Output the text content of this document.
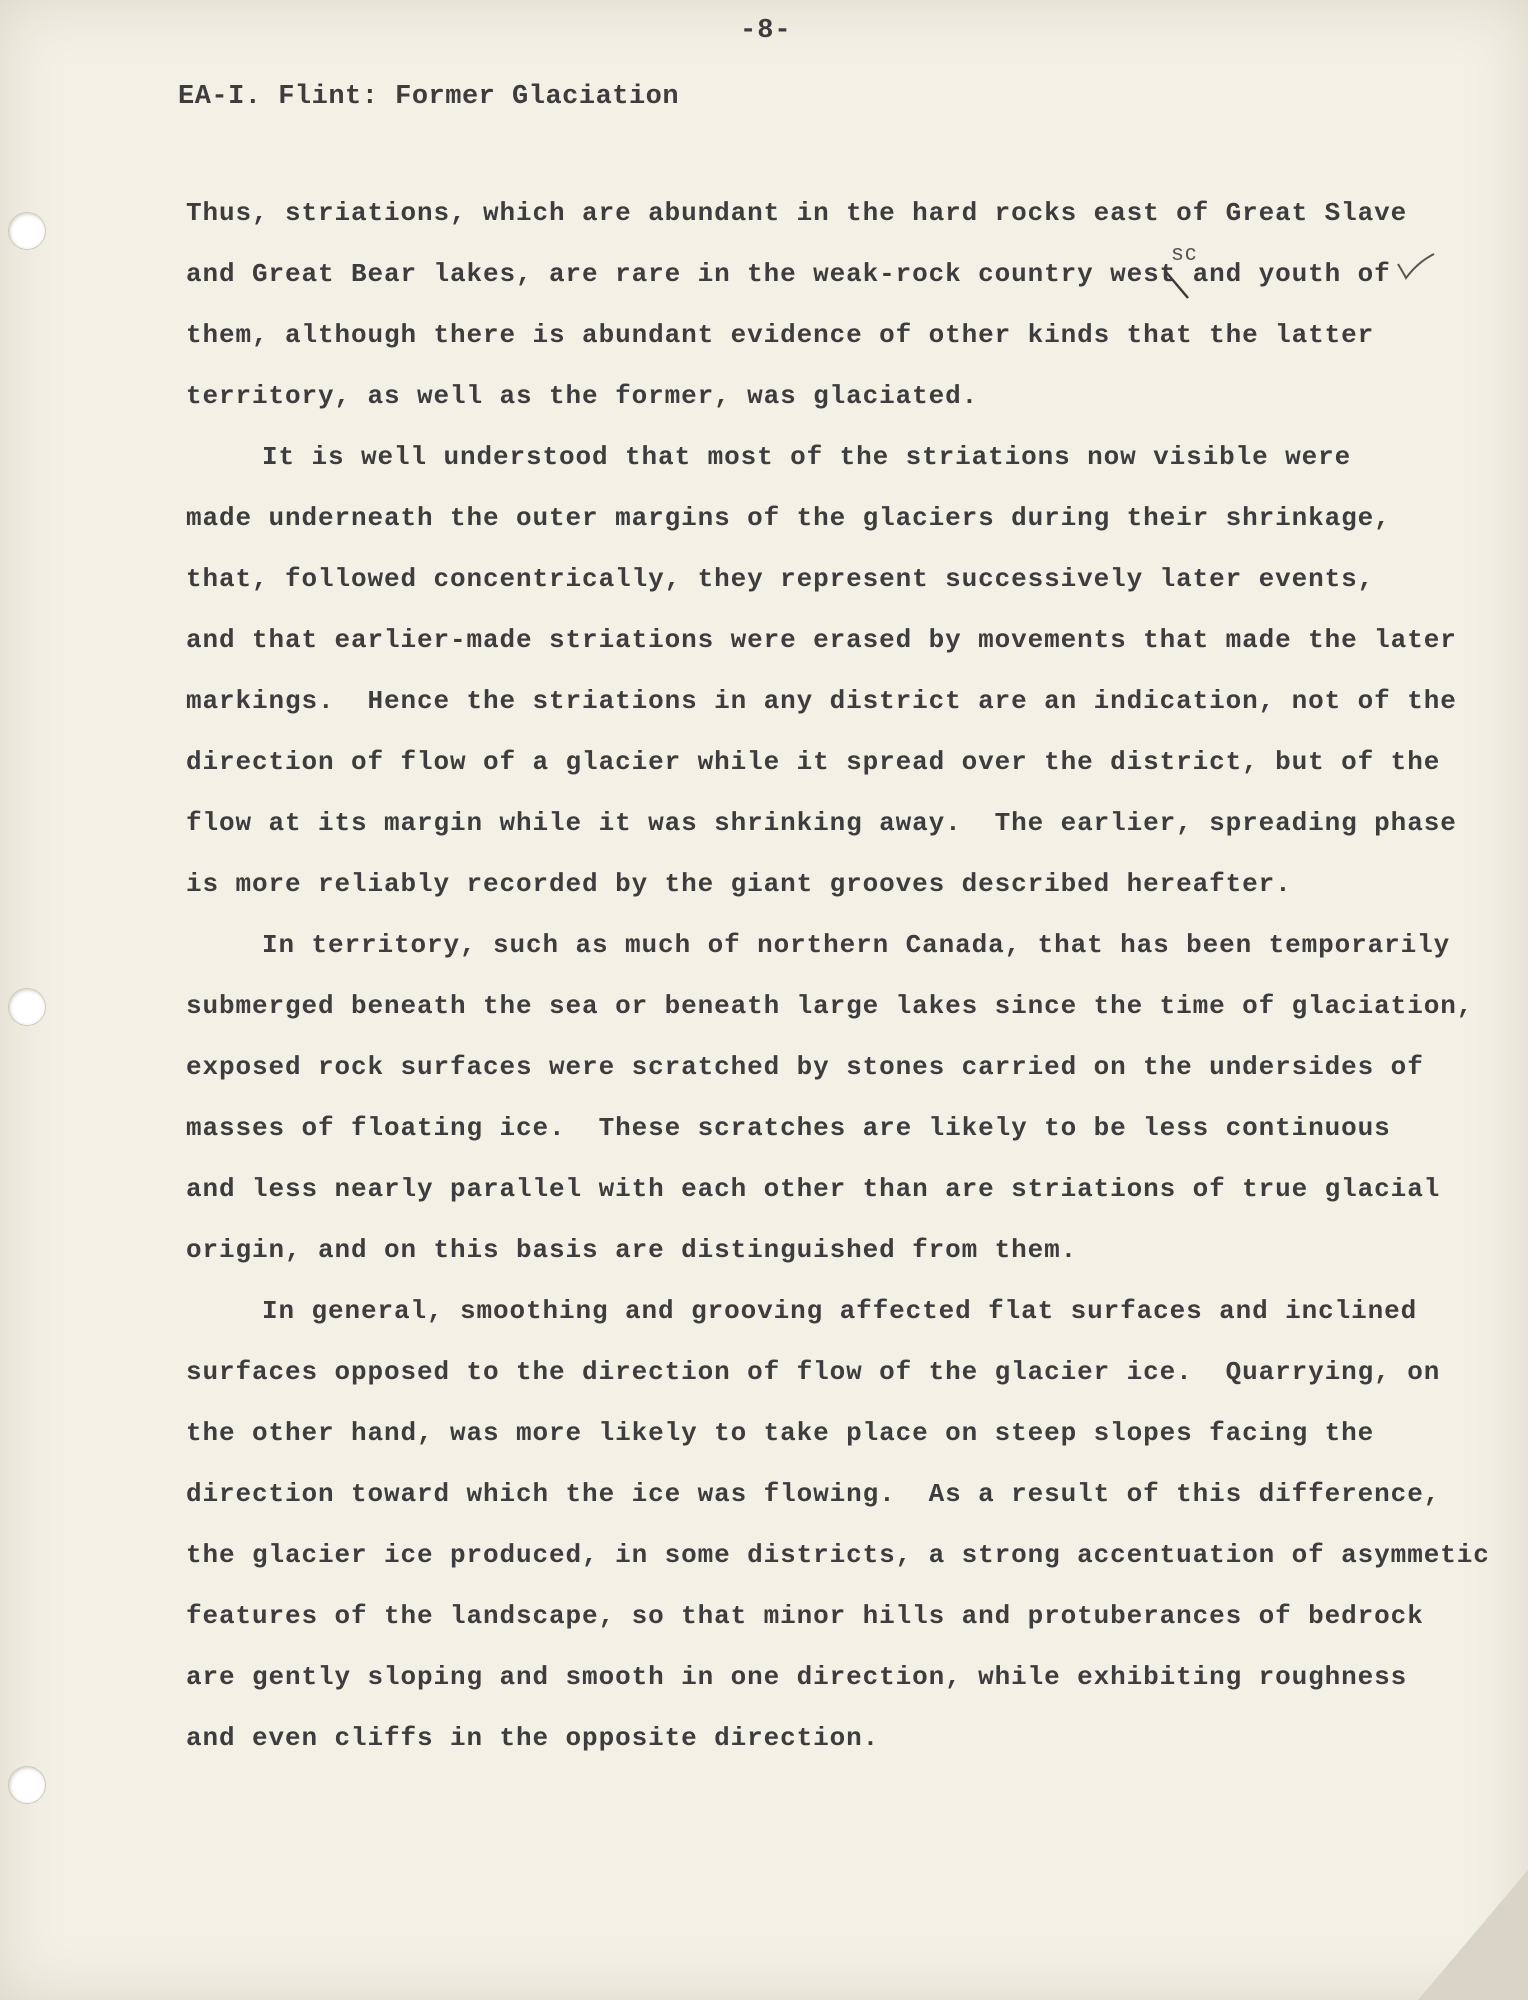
-8-
EA-I. Flint: Former Glaciation
sc
Thus, striations, which are abundant in the hard rocks east of Great Slave
and Great Bear lakes, are rare in the weak-rock country west and youth of
them, although there is abundant evidence of other kinds that the latter
territory, as well as the former, was glaciated.
It is well understood that most of the striations now visible were
made underneath the outer margins of the glaciers during their shrinkage,
that, followed concentrically, they represent successively later events,
and that earlier-made striations were erased by movements that made the later
markings.  Hence the striations in any district are an indication, not of the
direction of flow of a glacier while it spread over the district, but of the
flow at its margin while it was shrinking away.  The earlier, spreading phase
is more reliably recorded by the giant grooves described hereafter.
In territory, such as much of northern Canada, that has been temporarily
submerged beneath the sea or beneath large lakes since the time of glaciation,
exposed rock surfaces were scratched by stones carried on the undersides of
masses of floating ice.  These scratches are likely to be less continuous
and less nearly parallel with each other than are striations of true glacial
origin, and on this basis are distinguished from them.
In general, smoothing and grooving affected flat surfaces and inclined
surfaces opposed to the direction of flow of the glacier ice.  Quarrying, on
the other hand, was more likely to take place on steep slopes facing the
direction toward which the ice was flowing.  As a result of this difference,
the glacier ice produced, in some districts, a strong accentuation of asymmetic
features of the landscape, so that minor hills and protuberances of bedrock
are gently sloping and smooth in one direction, while exhibiting roughness
and even cliffs in the opposite direction.
